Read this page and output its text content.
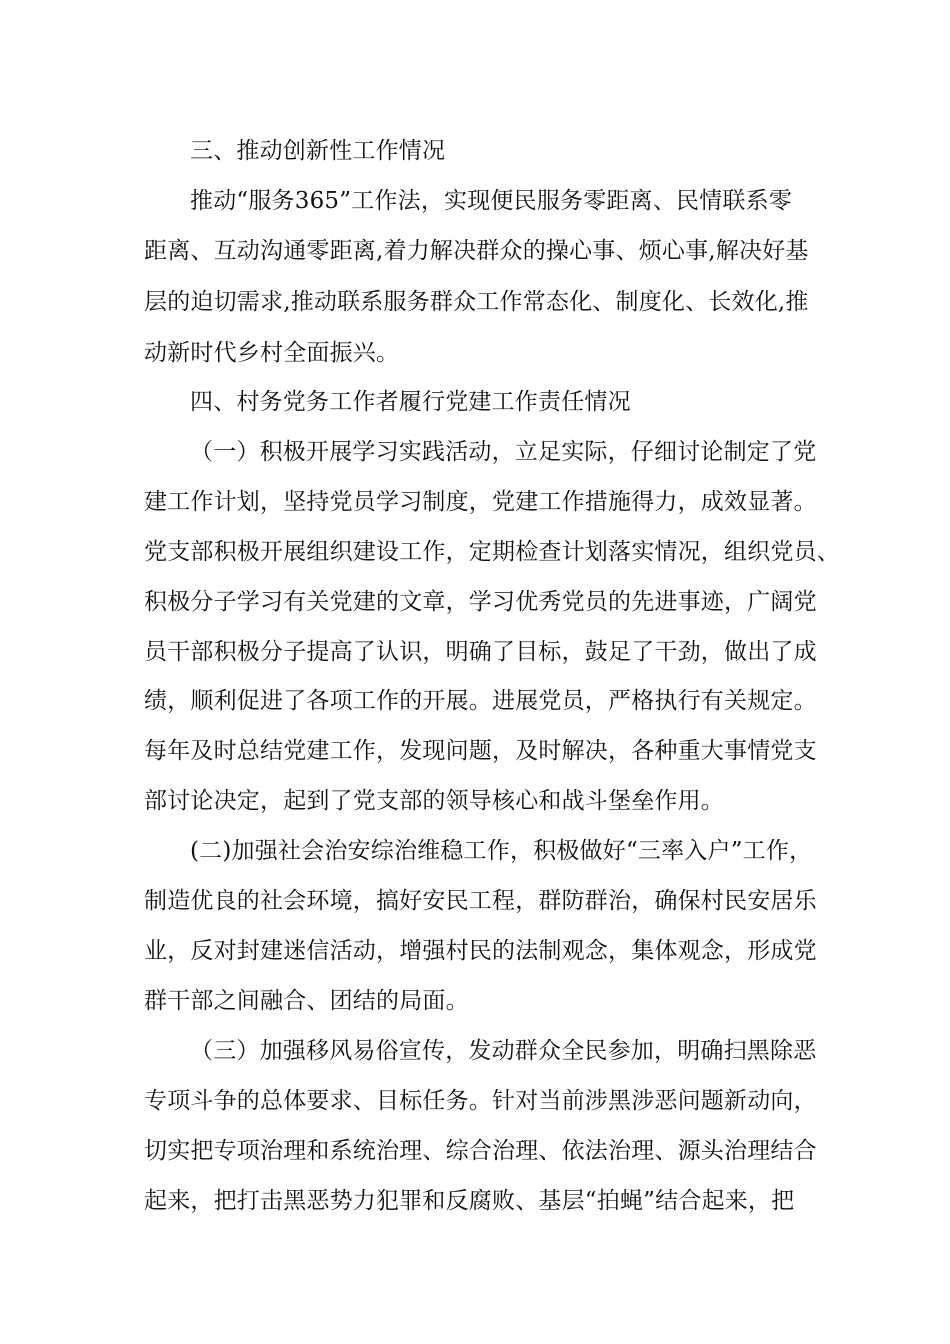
三、推动创新性工作情况
推动“服务365”工作法，实现便民服务零距离、民情联系零
距离、互动沟通零距离,着力解决群众的操心事、烦心事,解决好基
层的迫切需求,推动联系服务群众工作常态化、制度化、长效化,推
动新时代乡村全面振兴。
四、村务党务工作者履行党建工作责任情况
（一）积极开展学习实践活动，立足实际，仔细讨论制定了党
建工作计划，坚持党员学习制度，党建工作措施得力，成效显著。
党支部积极开展组织建设工作，定期检查计划落实情况，组织党员、
积极分子学习有关党建的文章，学习优秀党员的先进事迹，广阔党
员干部积极分子提高了认识，明确了目标，鼓足了干劲，做出了成
绩，顺利促进了各项工作的开展。进展党员，严格执行有关规定。
每年及时总结党建工作，发现问题，及时解决，各种重大事情党支
部讨论决定，起到了党支部的领导核心和战斗堡垒作用。
(二)加强社会治安综治维稳工作，积极做好“三率入户”工作，
制造优良的社会环境，搞好安民工程，群防群治，确保村民安居乐
业，反对封建迷信活动，增强村民的法制观念，集体观念，形成党
群干部之间融合、团结的局面。
（三）加强移风易俗宣传，发动群众全民参加，明确扫黑除恶
专项斗争的总体要求、目标任务。针对当前涉黑涉恶问题新动向，
切实把专项治理和系统治理、综合治理、依法治理、源头治理结合
起来，把打击黑恶势力犯罪和反腐败、基层“拍蝇”结合起来，把
